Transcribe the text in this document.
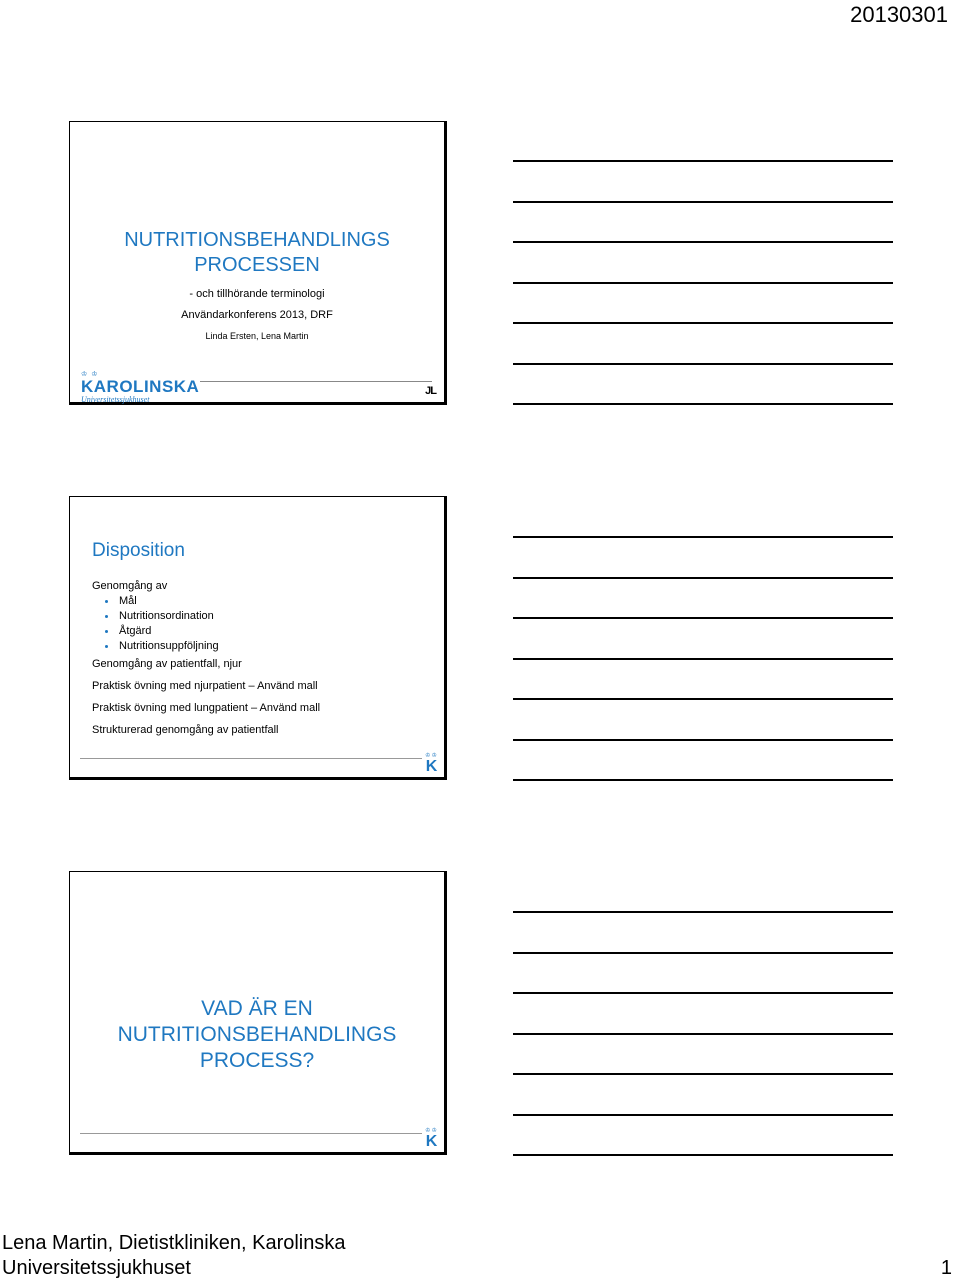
20130301
NUTRITIONSBEHANDLINGS
PROCESSEN
- och tillhörande terminologi
Användarkonferens 2013, DRF
Linda Ersten, Lena Martin
♔ ♔
KAROLINSKA
Universitetssjukhuset
JL
Disposition
Genomgång av
Mål
Nutritionsordination
Åtgärd
Nutritionsuppföljning
Genomgång av patientfall, njur
Praktisk övning med njurpatient – Använd mall
Praktisk övning med lungpatient – Använd mall
Strukturerad genomgång av patientfall
♔♔
K
VAD ÄR EN
NUTRITIONSBEHANDLINGS
PROCESS?
♔♔
K
Lena Martin, Dietistkliniken, Karolinska
Universitetssjukhuset	1
